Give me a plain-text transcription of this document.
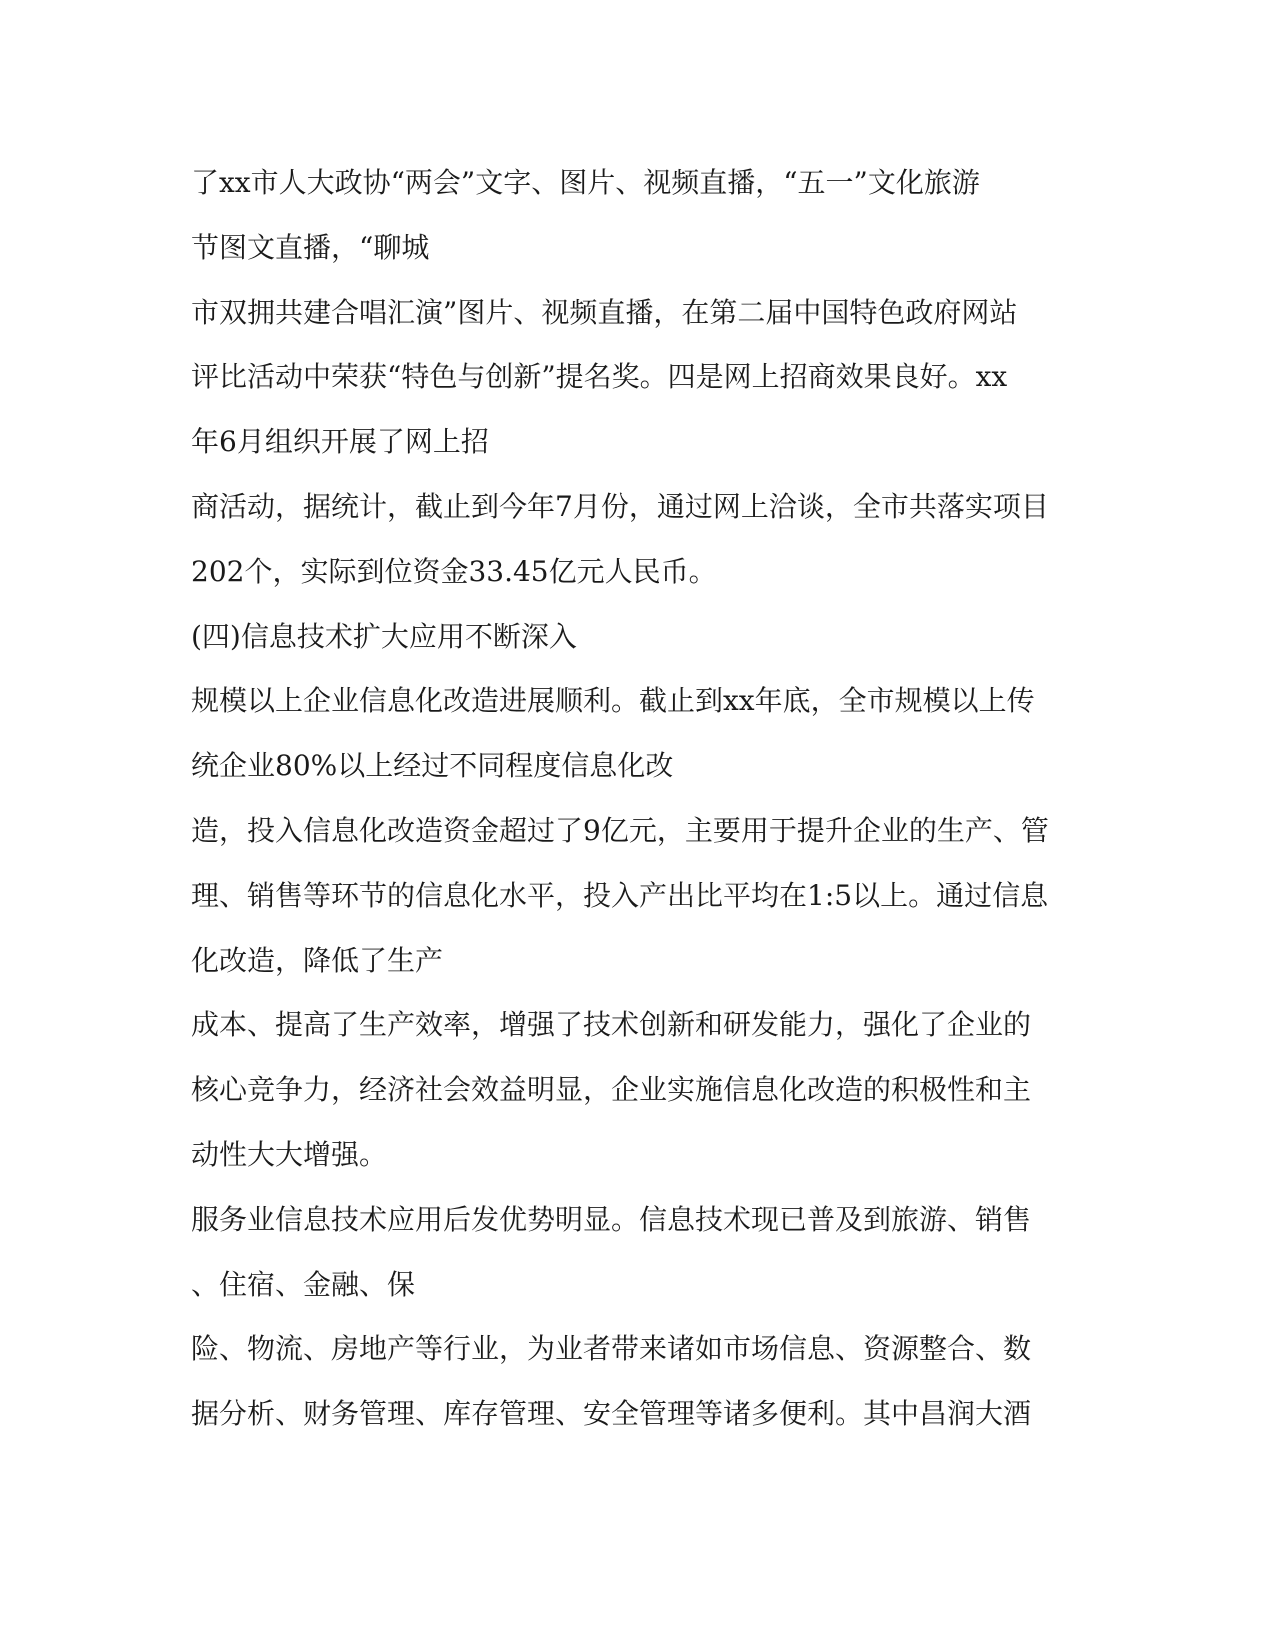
了xx市人大政协“两会”文字、图片、视频直播，“五一”文化旅游
节图文直播，“聊城
市双拥共建合唱汇演”图片、视频直播，在第二届中国特色政府网站
评比活动中荣获“特色与创新”提名奖。四是网上招商效果良好。xx
年6月组织开展了网上招
商活动，据统计，截止到今年7月份，通过网上洽谈，全市共落实项目
202个，实际到位资金33.45亿元人民币。
(四)信息技术扩大应用不断深入
规模以上企业信息化改造进展顺利。截止到xx年底，全市规模以上传
统企业80%以上经过不同程度信息化改
造，投入信息化改造资金超过了9亿元，主要用于提升企业的生产、管
理、销售等环节的信息化水平，投入产出比平均在1:5以上。通过信息
化改造，降低了生产
成本、提高了生产效率，增强了技术创新和研发能力，强化了企业的
核心竞争力，经济社会效益明显，企业实施信息化改造的积极性和主
动性大大增强。
服务业信息技术应用后发优势明显。信息技术现已普及到旅游、销售
、住宿、金融、保
险、物流、房地产等行业，为业者带来诸如市场信息、资源整合、数
据分析、财务管理、库存管理、安全管理等诸多便利。其中昌润大酒
